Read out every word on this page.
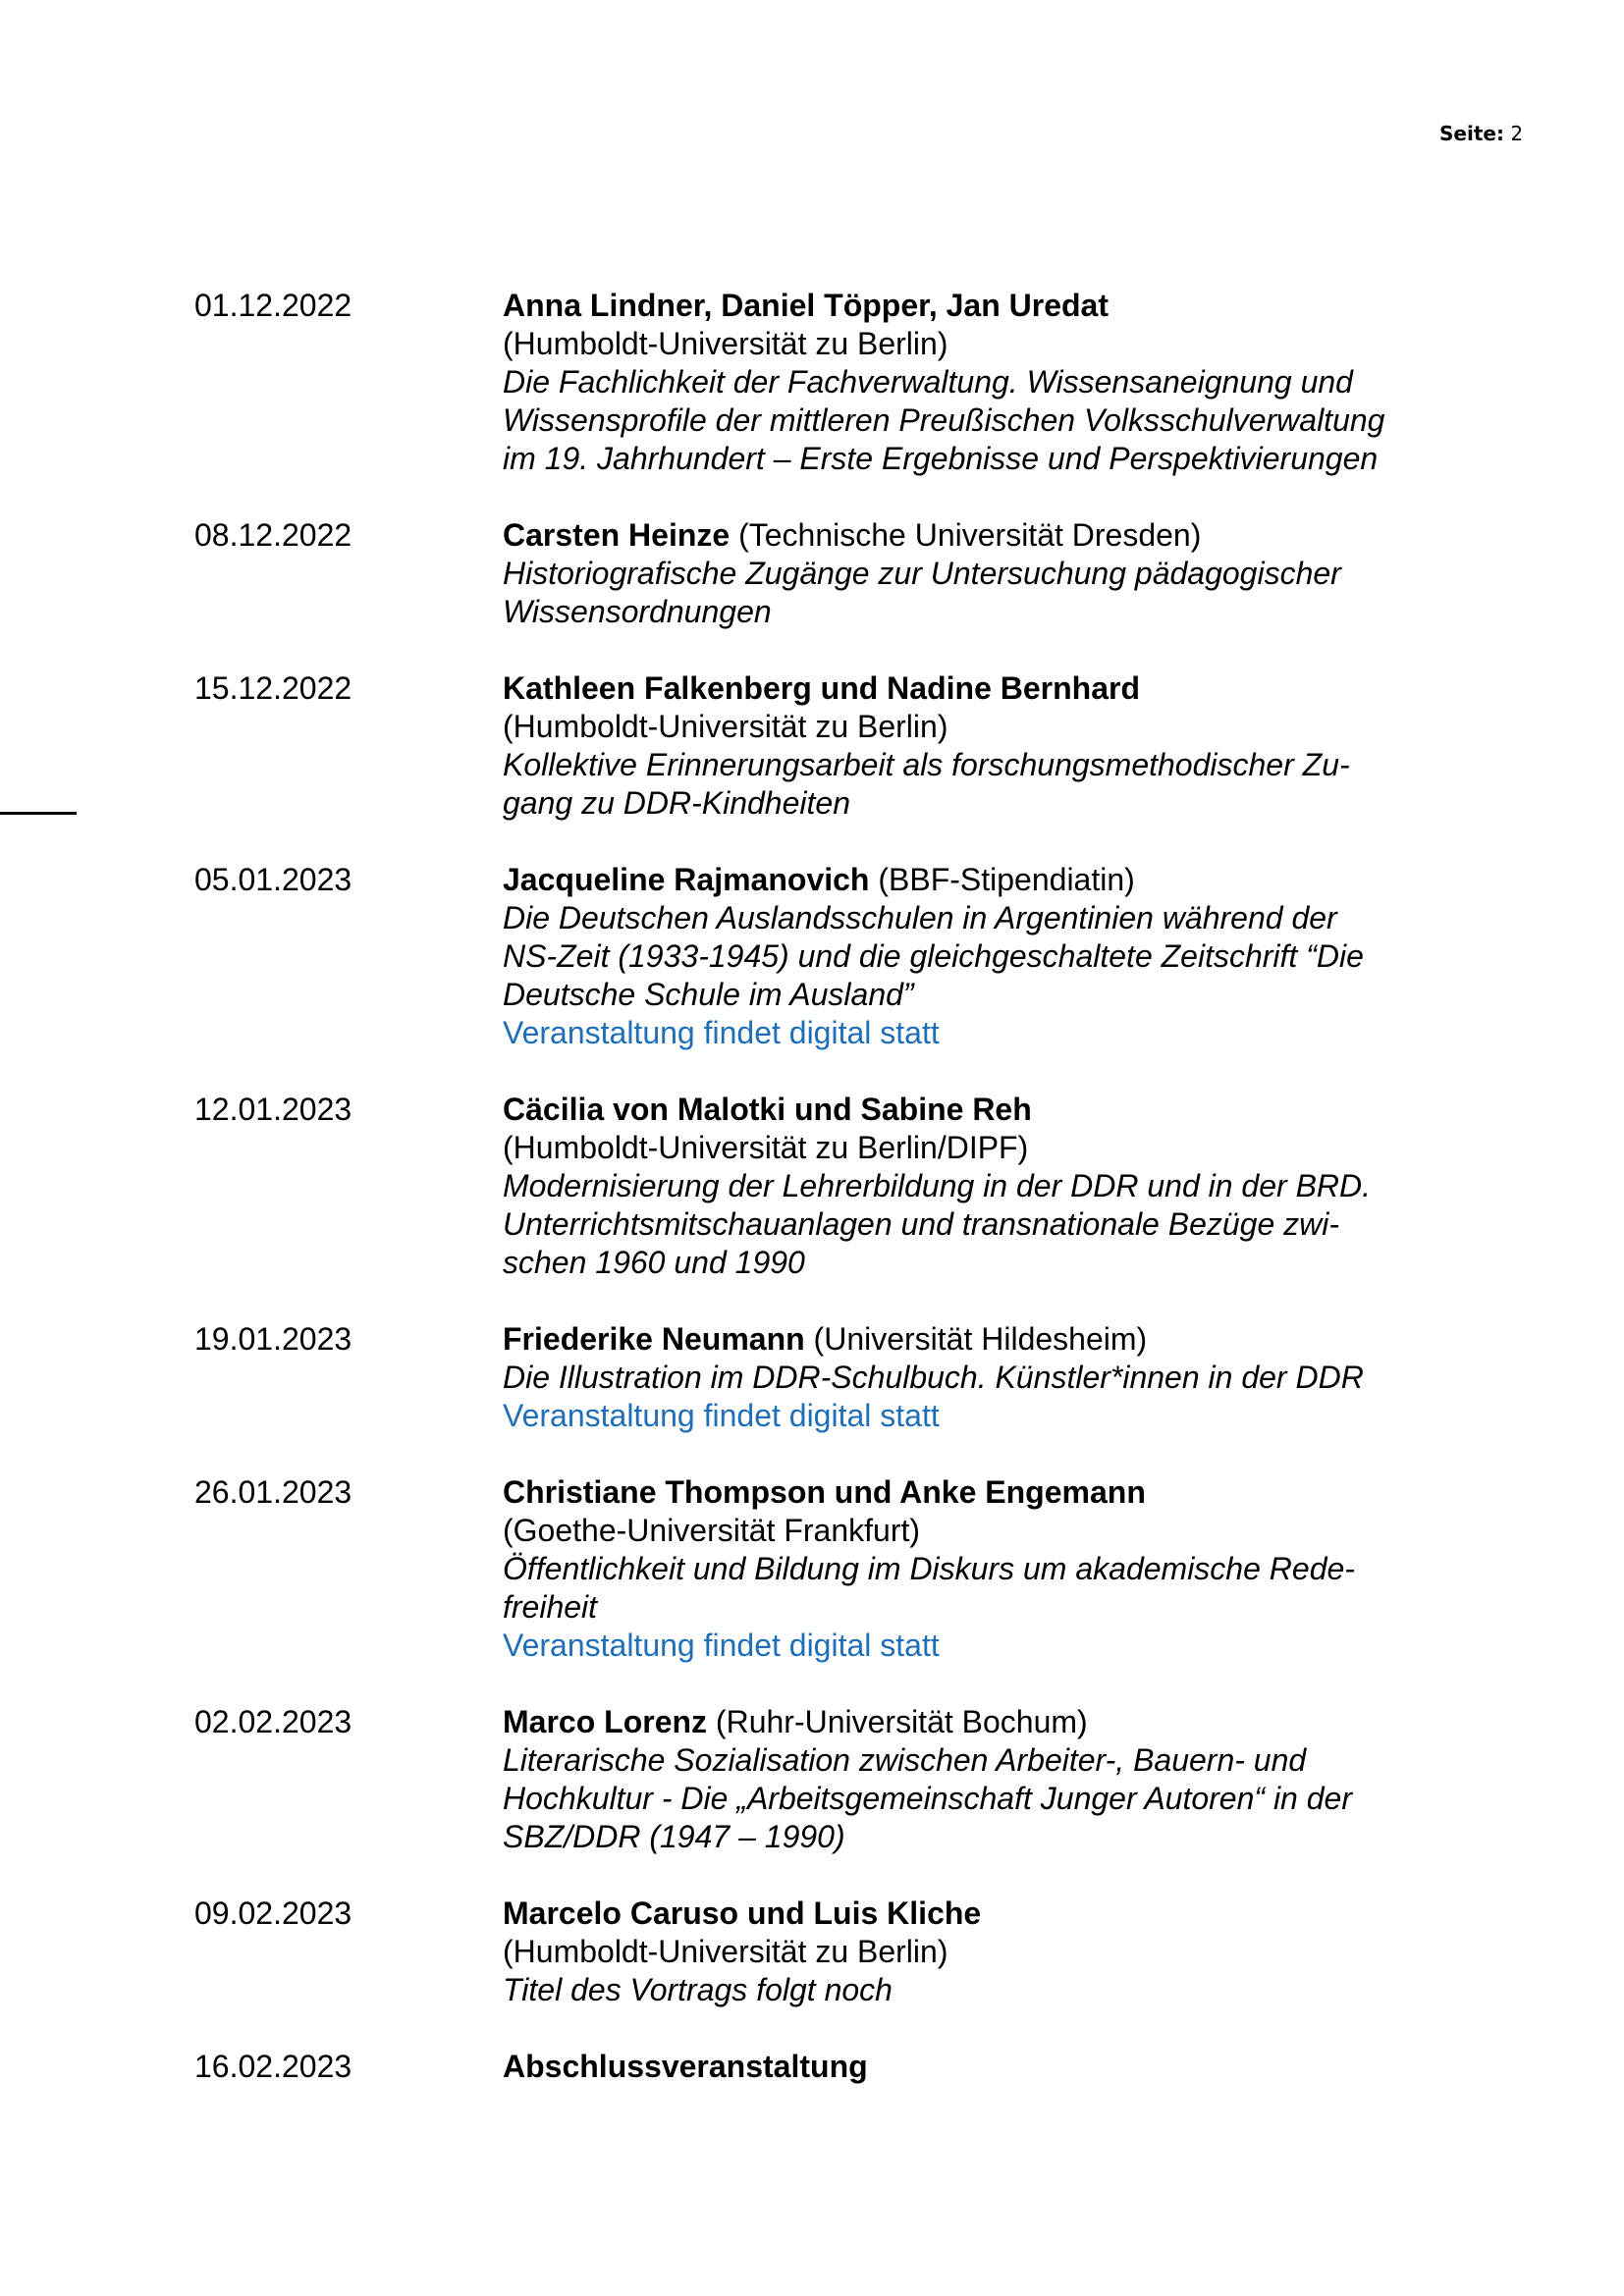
Seite: 2
01.12.2022	Anna Lindner, Daniel Töpper, Jan Uredat
(Humboldt-Universität zu Berlin)
Die Fachlichkeit der Fachverwaltung. Wissensaneignung und
Wissensprofile der mittleren Preußischen Volksschulverwaltung
im 19. Jahrhundert – Erste Ergebnisse und Perspektivierungen
08.12.2022	Carsten Heinze (Technische Universität Dresden)
Historiografische Zugänge zur Untersuchung pädagogischer
Wissensordnungen
15.12.2022	Kathleen Falkenberg und Nadine Bernhard
(Humboldt-Universität zu Berlin)
Kollektive Erinnerungsarbeit als forschungsmethodischer Zu-
gang zu DDR-Kindheiten
05.01.2023	Jacqueline Rajmanovich (BBF-Stipendiatin)
Die Deutschen Auslandsschulen in Argentinien während der
NS-Zeit (1933-1945) und die gleichgeschaltete Zeitschrift “Die
Deutsche Schule im Ausland”
Veranstaltung findet digital statt
12.01.2023	Cäcilia von Malotki und Sabine Reh
(Humboldt-Universität zu Berlin/DIPF)
Modernisierung der Lehrerbildung in der DDR und in der BRD.
Unterrichtsmitschauanlagen und transnationale Bezüge zwi-
schen 1960 und 1990
19.01.2023	Friederike Neumann (Universität Hildesheim)
Die Illustration im DDR-Schulbuch. Künstler*innen in der DDR
Veranstaltung findet digital statt
26.01.2023	Christiane Thompson und Anke Engemann
(Goethe-Universität Frankfurt)
Öffentlichkeit und Bildung im Diskurs um akademische Rede-
freiheit
Veranstaltung findet digital statt
02.02.2023	Marco Lorenz (Ruhr-Universität Bochum)
Literarische Sozialisation zwischen Arbeiter-, Bauern- und
Hochkultur - Die „Arbeitsgemeinschaft Junger Autoren“ in der
SBZ/DDR (1947 – 1990)
09.02.2023	Marcelo Caruso und Luis Kliche
(Humboldt-Universität zu Berlin)
Titel des Vortrags folgt noch
16.02.2023	Abschlussveranstaltung
